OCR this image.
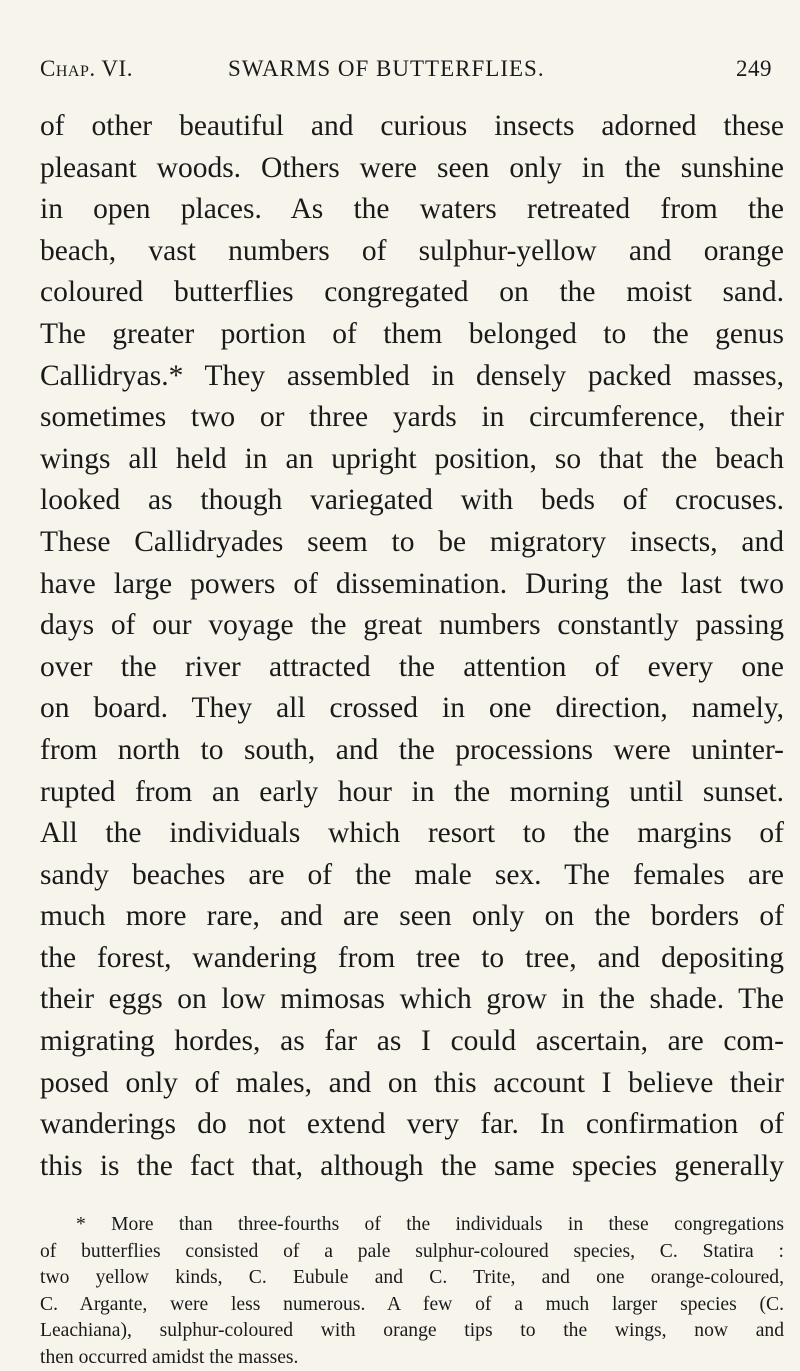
Chap. VI.	SWARMS OF BUTTERFLIES.	249
of other beautiful and curious insects adorned these
pleasant woods. Others were seen only in the sunshine
in open places. As the waters retreated from the
beach, vast numbers of sulphur-yellow and orange
coloured butterflies congregated on the moist sand.
The greater portion of them belonged to the genus
Callidryas.* They assembled in densely packed masses,
sometimes two or three yards in circumference, their
wings all held in an upright position, so that the beach
looked as though variegated with beds of crocuses.
These Callidryades seem to be migratory insects, and
have large powers of dissemination. During the last two
days of our voyage the great numbers constantly passing
over the river attracted the attention of every one
on board. They all crossed in one direction, namely,
from north to south, and the processions were uninter-
rupted from an early hour in the morning until sunset.
All the individuals which resort to the margins of
sandy beaches are of the male sex. The females are
much more rare, and are seen only on the borders of
the forest, wandering from tree to tree, and depositing
their eggs on low mimosas which grow in the shade. The
migrating hordes, as far as I could ascertain, are com-
posed only of males, and on this account I believe their
wanderings do not extend very far. In confirmation of
this is the fact that, although the same species generally
* More than three-fourths of the individuals in these congregations
of butterflies consisted of a pale sulphur-coloured species, C. Statira :
two yellow kinds, C. Eubule and C. Trite, and one orange-coloured,
C. Argante, were less numerous. A few of a much larger species (C.
Leachiana), sulphur-coloured with orange tips to the wings, now and
then occurred amidst the masses.
